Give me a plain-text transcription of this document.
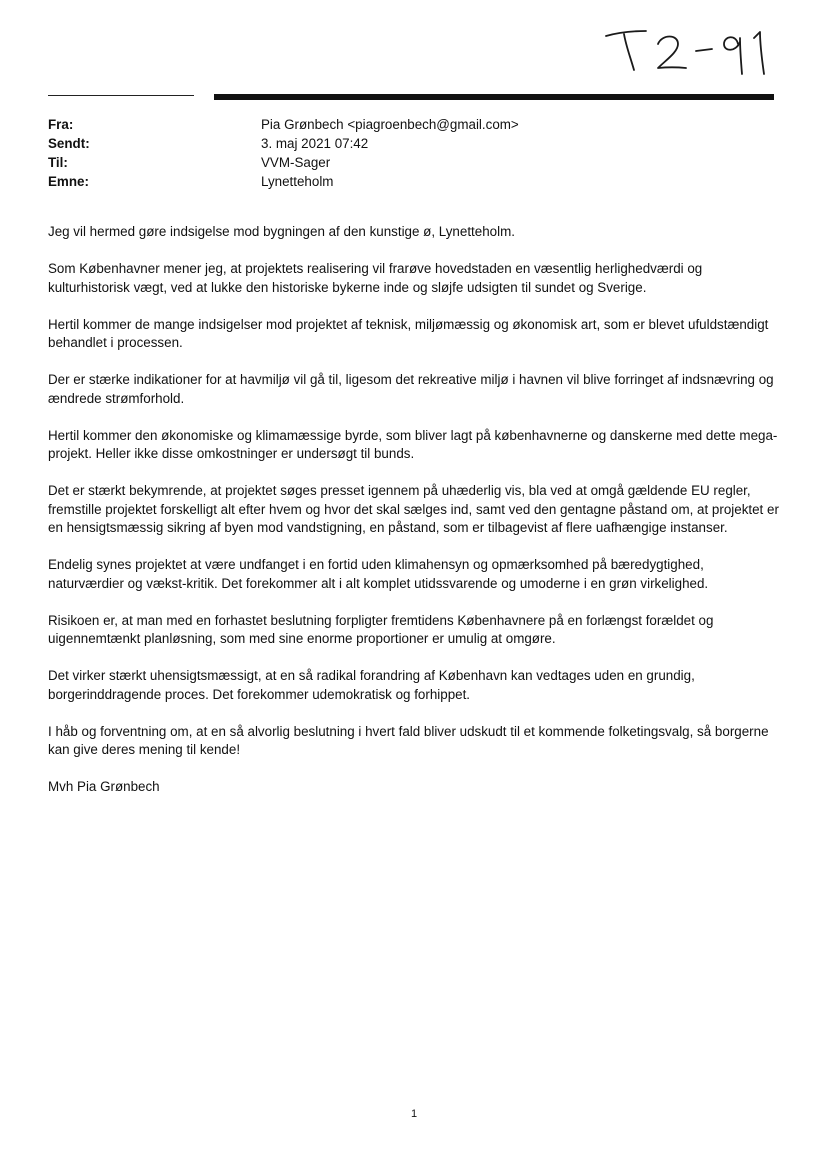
Fra:	Pia Grønbech <piagroenbech@gmail.com>
Sendt:	3. maj 2021 07:42
Til:	VVM-Sager
Emne:	Lynetteholm

Jeg vil hermed gøre indsigelse mod bygningen af den kunstige ø, Lynetteholm.

Som Københavner mener jeg, at projektets realisering vil frarøve hovedstaden en væsentlig herlighedværdi og kulturhistorisk vægt, ved at lukke den historiske bykerne inde og sløjfe udsigten til sundet og Sverige.

Hertil kommer de mange indsigelser mod projektet af teknisk, miljømæssig og økonomisk art, som er blevet ufuldstændigt behandlet i processen.

Der er stærke indikationer for at havmiljø vil gå til, ligesom det rekreative miljø i havnen vil blive forringet af indsnævring og ændrede strømforhold.

Hertil kommer den økonomiske og klimamæssige byrde, som bliver lagt på københavnerne og danskerne med dette mega-projekt. Heller ikke disse omkostninger er undersøgt til bunds.

Det er stærkt bekymrende, at projektet søges presset igennem på uhæderlig vis, bla ved at omgå gældende EU regler, fremstille projektet forskelligt alt efter hvem og hvor det skal sælges ind, samt ved den gentagne påstand om, at projektet er en hensigtsmæssig sikring af byen mod vandstigning, en påstand, som er tilbagevist af flere uafhængige instanser.

Endelig synes projektet at være undfanget i en fortid uden klimahensyn og opmærksomhed på bæredygtighed, naturværdier og vækst-kritik. Det forekommer alt i alt komplet utidssvarende og umoderne i en grøn virkelighed.

Risikoen er, at man med en forhastet beslutning forpligter fremtidens Københavnere på en forlængst forældet og uigennemtænkt planløsning, som med sine enorme proportioner er umulig at omgøre.

Det virker stærkt uhensigtsmæssigt, at en så radikal forandring af København kan vedtages uden en grundig, borgerinddragende proces. Det forekommer udemokratisk og forhippet.

I håb og forventning om, at en så alvorlig beslutning i hvert fald bliver udskudt til et kommende folketingsvalg, så borgerne kan give deres mening til kende!

Mvh Pia Grønbech

1
